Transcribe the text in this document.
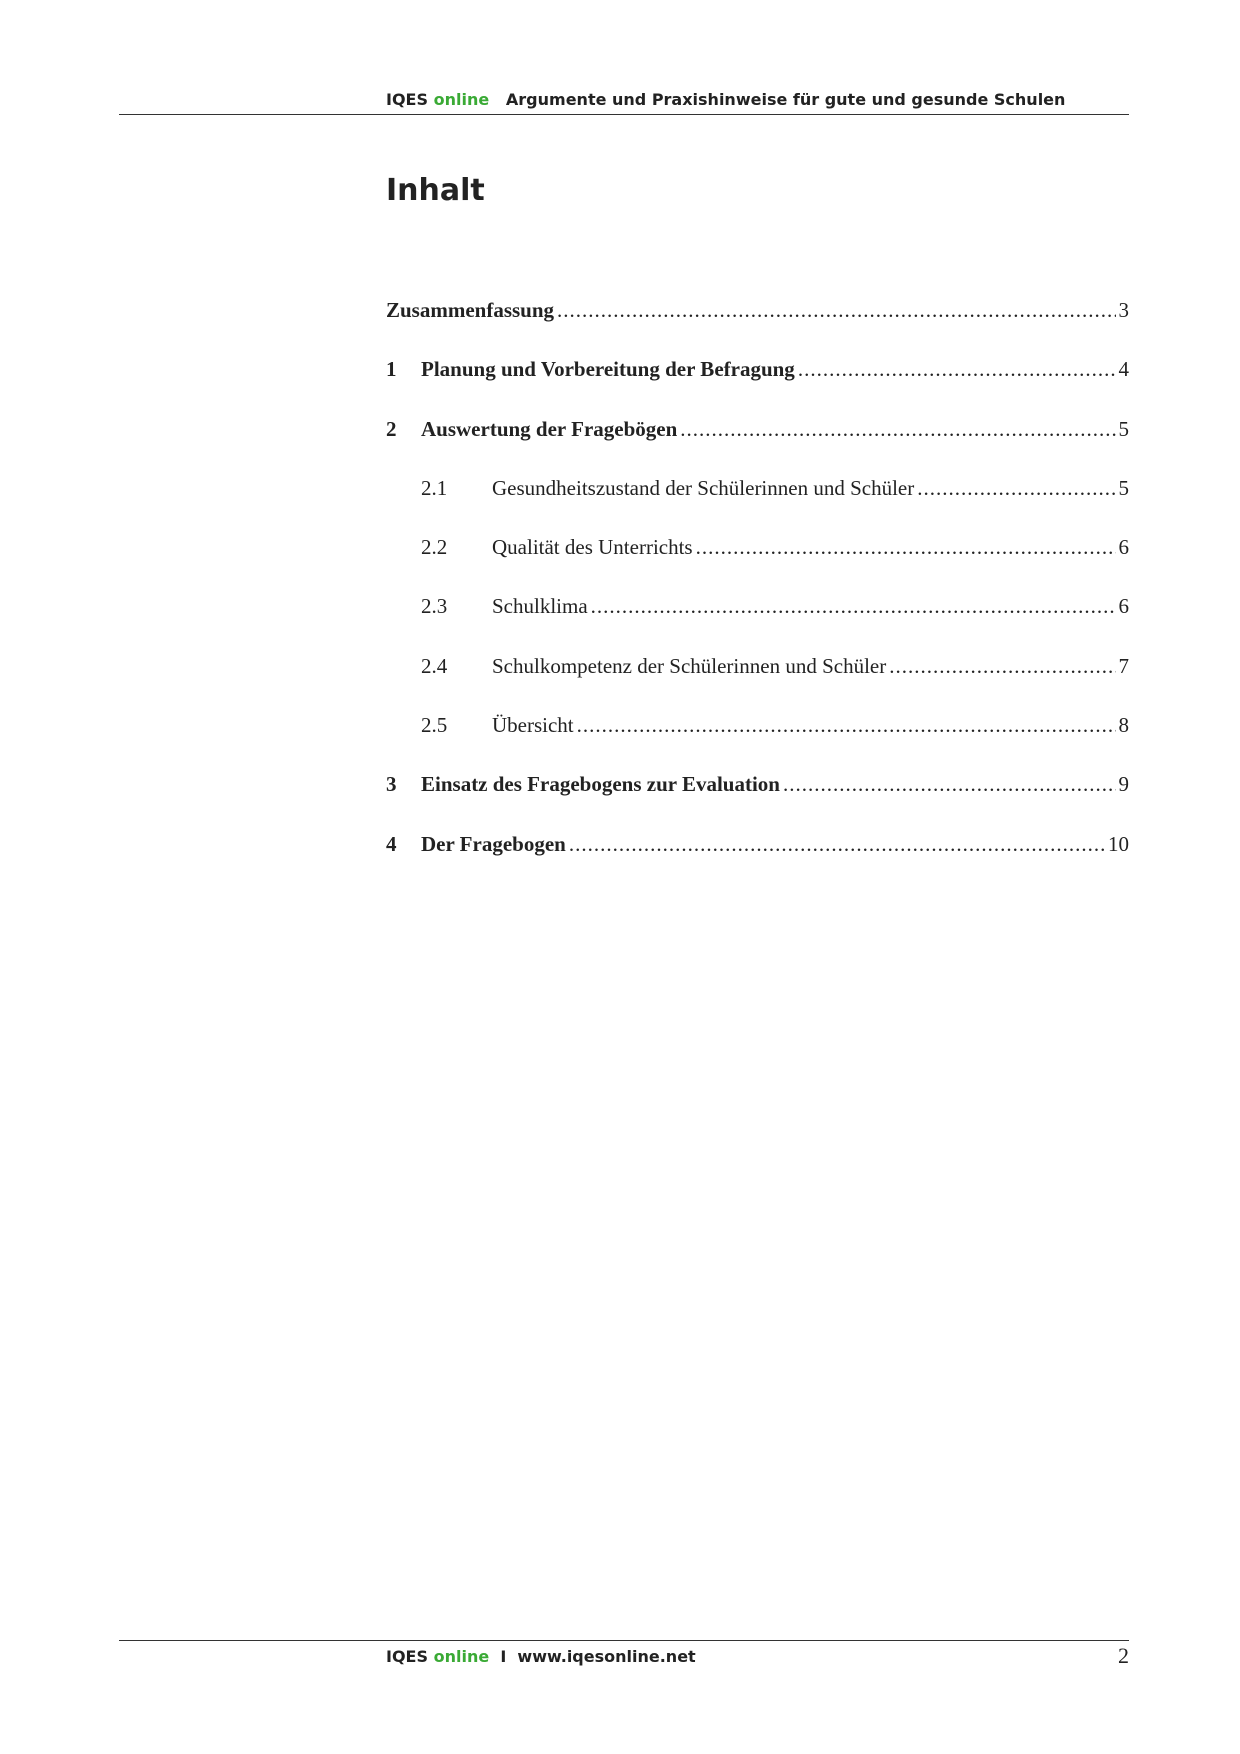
IQES online Argumente und Praxishinweise für gute und gesunde Schulen
Inhalt
Zusammenfassung .....	3
1	Planung und Vorbereitung der Befragung .....	4
2	Auswertung der Fragebögen .....	5
2.1	Gesundheitszustand der Schülerinnen und Schüler .....	5
2.2	Qualität des Unterrichts .....	6
2.3	Schulklima .....	6
2.4	Schulkompetenz der Schülerinnen und Schüler .....	7
2.5	Übersicht .....	8
3	Einsatz des Fragebogens zur Evaluation .....	9
4	Der Fragebogen .....	10
IQES online I www.iqesonline.net	2
